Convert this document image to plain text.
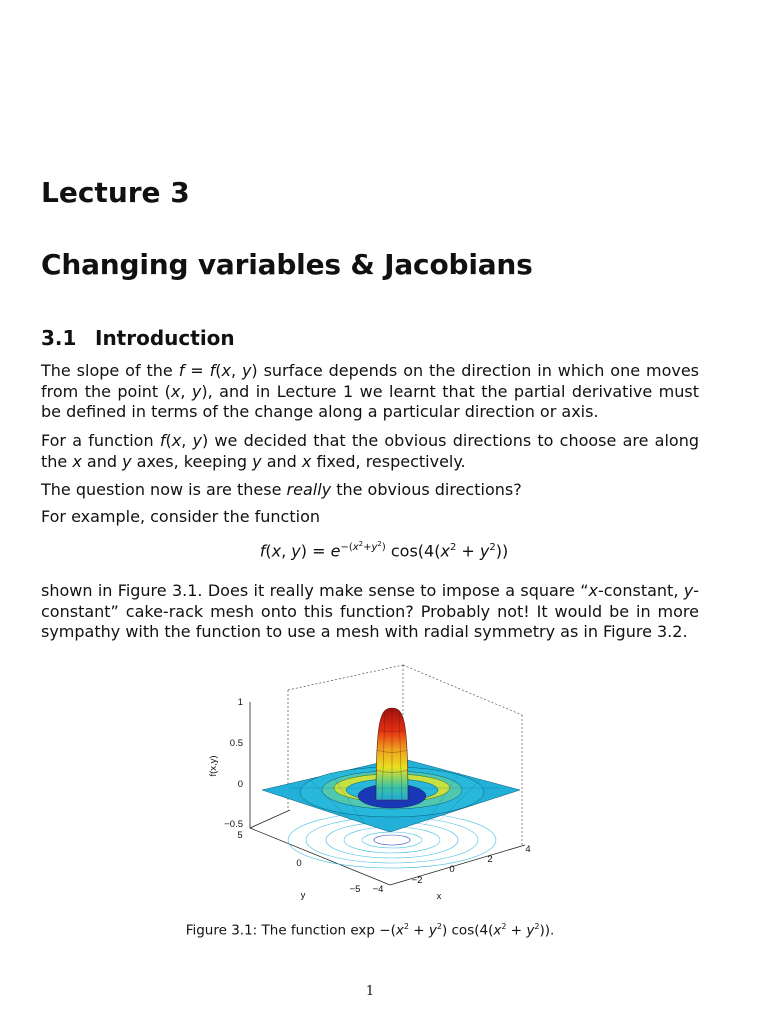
Lecture 3
Changing variables & Jacobians
3.1 Introduction

The slope of the f = f(x, y) surface depends on the direction in which one moves from the point (x, y), and in Lecture 1 we learnt that the partial derivative must be defined in terms of the change along a particular direction or axis.

For a function f(x, y) we decided that the obvious directions to choose are along the x and y axes, keeping y and x fixed, respectively.

The question now is are these really the obvious directions?

For example, consider the function

f(x, $y) = e^{-(x^2+y^2)}$ $\cos(4(x^2 + y^2))$

shown in Figure 3.1. Does it really make sense to impose a square “x-constant, y-constant” cake-rack mesh onto this function? Probably not! It would be in more sympathy with the function to use a mesh with radial symmetry as in Figure 3.2.

1
0.5
0
−0.5
f(x,y)
5
0
−5
y
−4
−2
0
2
4
x
Figure 3.1: The function $\exp -(x^2 + y^2) \cos(4(x^2 + y^2))$.
1
